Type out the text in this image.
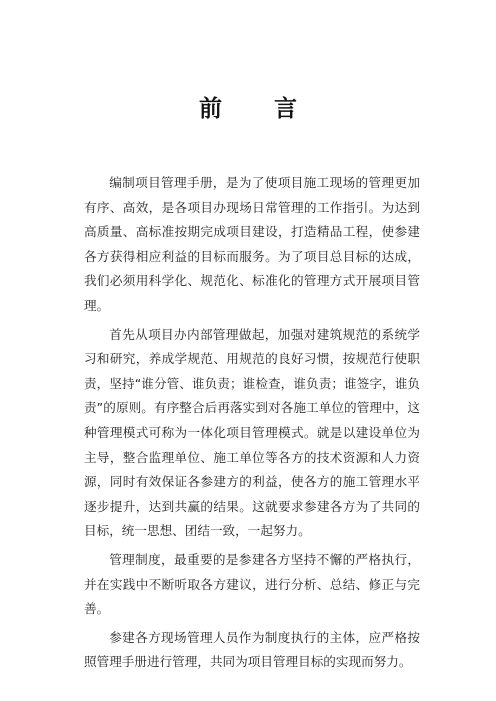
前 言

编制项目管理手册，是为了使项目施工现场的管理更加有序、高效，是各项目办现场日常管理的工作指引。为达到高质量、高标准按期完成项目建设，打造精品工程，使参建各方获得相应利益的目标而服务。为了项目总目标的达成，我们必须用科学化、规范化、标准化的管理方式开展项目管理。

首先从项目办内部管理做起，加强对建筑规范的系统学习和研究，养成学规范、用规范的良好习惯，按规范行使职责，坚持“谁分管、谁负责；谁检查，谁负责；谁签字，谁负责”的原则。有序整合后再落实到对各施工单位的管理中，这种管理模式可称为一体化项目管理模式。就是以建设单位为主导，整合监理单位、施工单位等各方的技术资源和人力资源，同时有效保证各参建方的利益，使各方的施工管理水平逐步提升，达到共赢的结果。这就要求参建各方为了共同的目标，统一思想、团结一致，一起努力。

管理制度，最重要的是参建各方坚持不懈的严格执行，并在实践中不断听取各方建议，进行分析、总结、修正与完善。

参建各方现场管理人员作为制度执行的主体，应严格按照管理手册进行管理，共同为项目管理目标的实现而努力。
